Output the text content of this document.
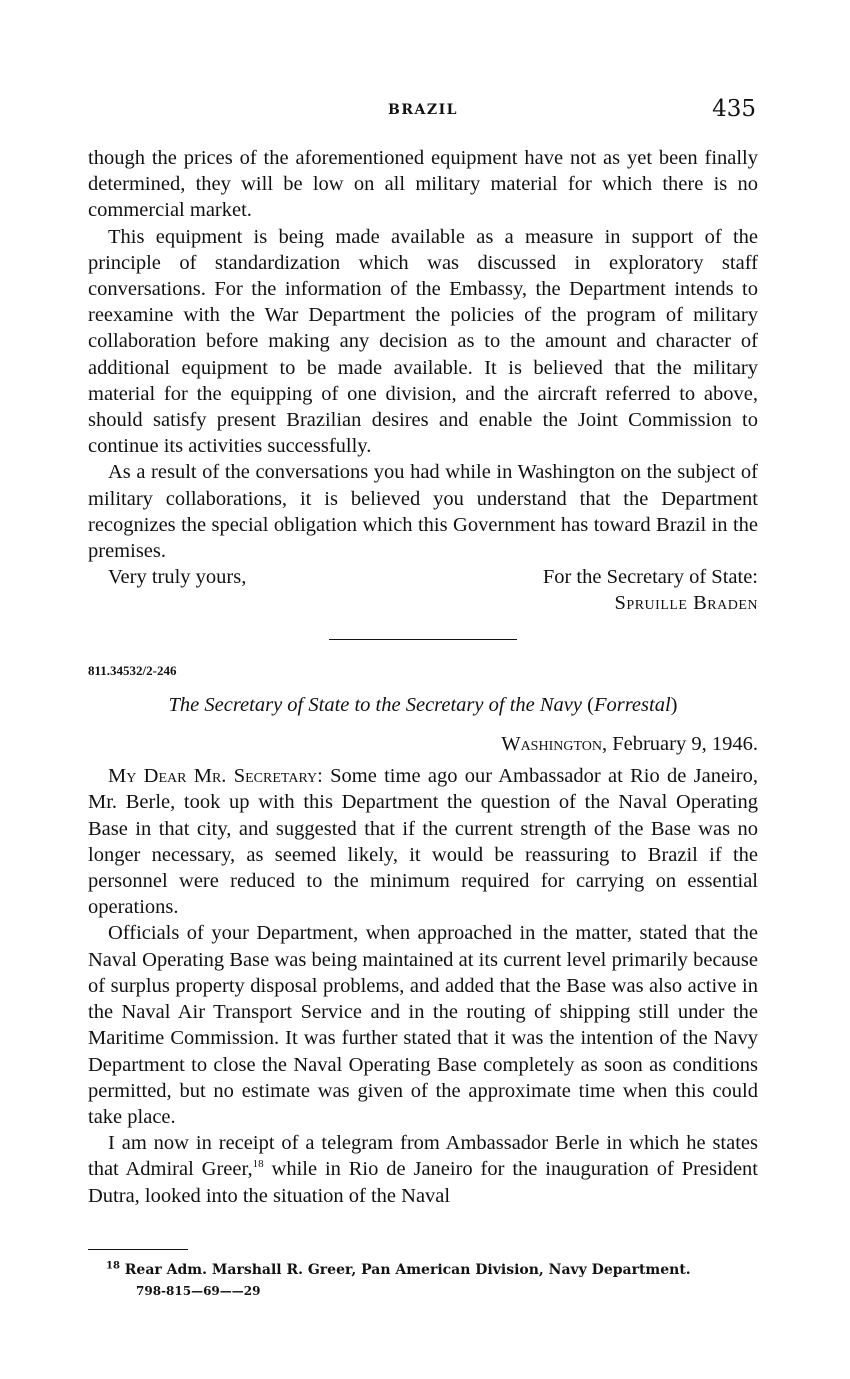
BRAZIL	435

though the prices of the aforementioned equipment have not as yet been finally determined, they will be low on all military material for which there is no commercial market.

This equipment is being made available as a measure in support of the principle of standardization which was discussed in exploratory staff conversations. For the information of the Embassy, the Department intends to reexamine with the War Department the policies of the program of military collaboration before making any decision as to the amount and character of additional equipment to be made available. It is believed that the military material for the equipping of one division, and the aircraft referred to above, should satisfy present Brazilian desires and enable the Joint Commission to continue its activities successfully.

As a result of the conversations you had while in Washington on the subject of military collaborations, it is believed you understand that the Department recognizes the special obligation which this Government has toward Brazil in the premises.

Very truly yours,	For the Secretary of State:
Spruille Braden
811.34532/2-246
The Secretary of State to the Secretary of the Navy (Forrestal)
Washington, February 9, 1946.

My Dear Mr. Secretary: Some time ago our Ambassador at Rio de Janeiro, Mr. Berle, took up with this Department the question of the Naval Operating Base in that city, and suggested that if the current strength of the Base was no longer necessary, as seemed likely, it would be reassuring to Brazil if the personnel were reduced to the minimum required for carrying on essential operations.

Officials of your Department, when approached in the matter, stated that the Naval Operating Base was being maintained at its current level primarily because of surplus property disposal problems, and added that the Base was also active in the Naval Air Transport Service and in the routing of shipping still under the Maritime Commission. It was further stated that it was the intention of the Navy Department to close the Naval Operating Base completely as soon as conditions permitted, but no estimate was given of the approximate time when this could take place.

I am now in receipt of a telegram from Ambassador Berle in which he states that Admiral Greer,$^{18}$ while in Rio de Janeiro for the inauguration of President Dutra, looked into the situation of the Naval

$^{18}$ Rear Adm. Marshall R. Greer, Pan American Division, Navy Department.
798-815—69——29
